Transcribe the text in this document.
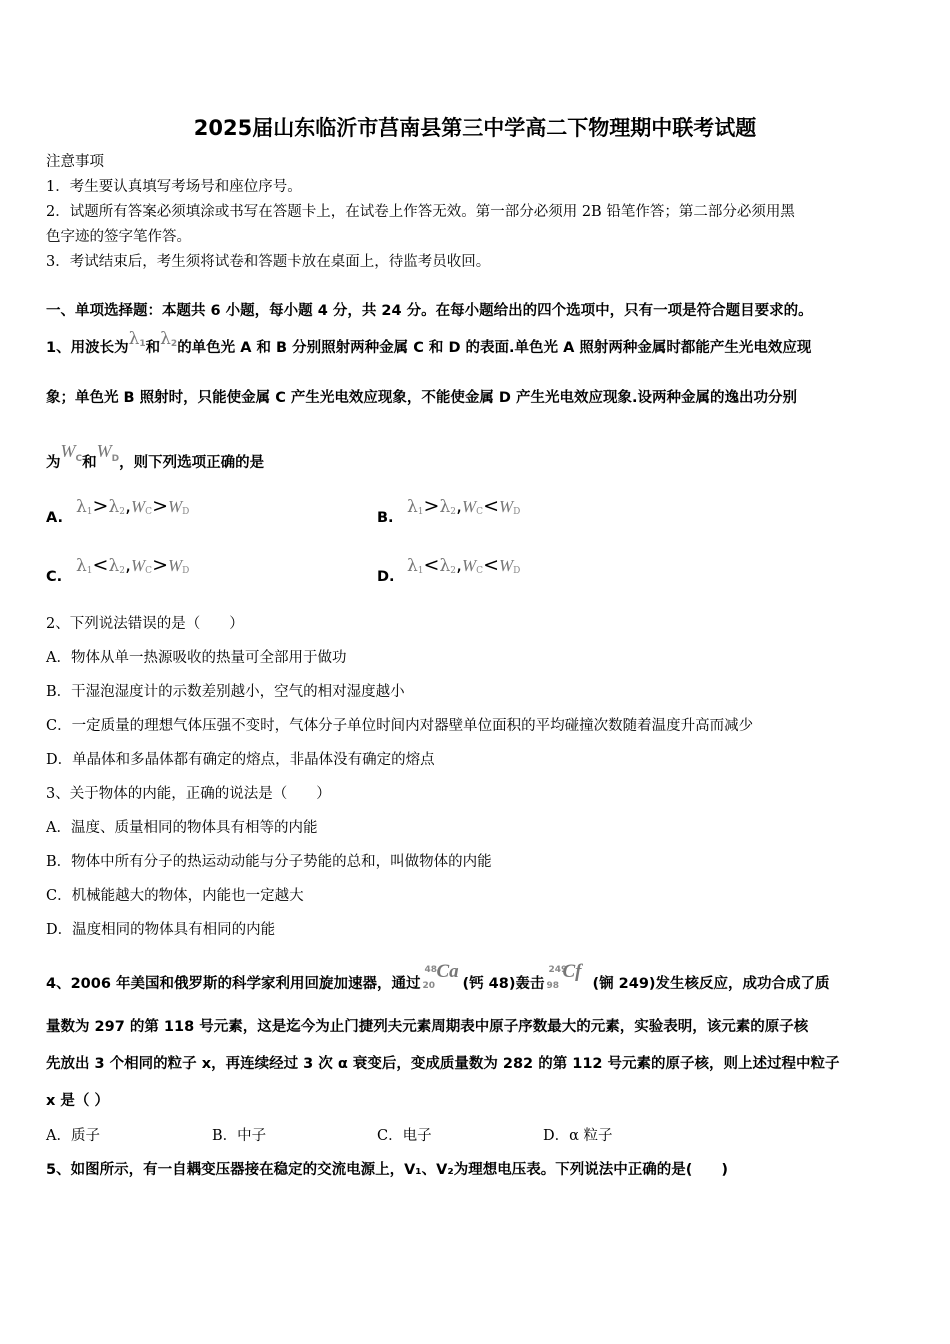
2025届山东临沂市莒南县第三中学高二下物理期中联考试题
注意事项
1．考生要认真填写考场号和座位序号。
2．试题所有答案必须填涂或书写在答题卡上，在试卷上作答无效。第一部分必须用 2B 铅笔作答；第二部分必须用黑
色字迹的签字笔作答。
3．考试结束后，考生须将试卷和答题卡放在桌面上，待监考员收回。
一、单项选择题：本题共 6 小题，每小题 4 分，共 24 分。在每小题给出的四个选项中，只有一项是符合题目要求的。
1、用波长为$\lambda^1$和$\lambda^2$的单色光 A 和 B 分别照射两种金属 C 和 D 的表面.单色光 A 照射两种金属时都能产生光电效应现
象；单色光 B 照射时，只能使金属 C 产生光电效应现象，不能使金属 D 产生光电效应现象.设两种金属的逸出功分别
为$W^C$和$W^D$，则下列选项正确的是
A.
$\lambda_1>\lambda_2,W_C>W_D$	B.
$\lambda_1>\lambda_2,W_C<W_D$
C.
$\lambda_1<\lambda_2,W_C>W_D$	D.
$\lambda_1<\lambda_2,W_C<W_D$
2、下列说法错误的是（　　）
A．物体从单一热源吸收的热量可全部用于做功
B．干湿泡湿度计的示数差别越小，空气的相对湿度越小
C．一定质量的理想气体压强不变时，气体分子单位时间内对器壁单位面积的平均碰撞次数随着温度升高而减少
D．单晶体和多晶体都有确定的熔点，非晶体没有确定的熔点
3、关于物体的内能，正确的说法是（　　）
A．温度、质量相同的物体具有相等的内能
B．物体中所有分子的热运动动能与分子势能的总和，叫做物体的内能
C．机械能越大的物体，内能也一定越大
D．温度相同的物体具有相同的内能
4、2006 年美国和俄罗斯的科学家利用回旋加速器，通过
48
20
Ca
(钙 48)轰击
249
98
Cf
(锎 249)发生核反应，成功合成了质
量数为 297 的第 118 号元素，这是迄今为止门捷列夫元素周期表中原子序数最大的元素，实验表明，该元素的原子核
先放出 3 个相同的粒子 x，再连续经过 3 次 α 衰变后，变成质量数为 282 的第 112 号元素的原子核，则上述过程中粒子
x 是（ ）
A．质子	B．中子	C．电子	D．α 粒子
5、如图所示，有一自耦变压器接在稳定的交流电源上，V₁、V₂为理想电压表。下列说法中正确的是(　　)
